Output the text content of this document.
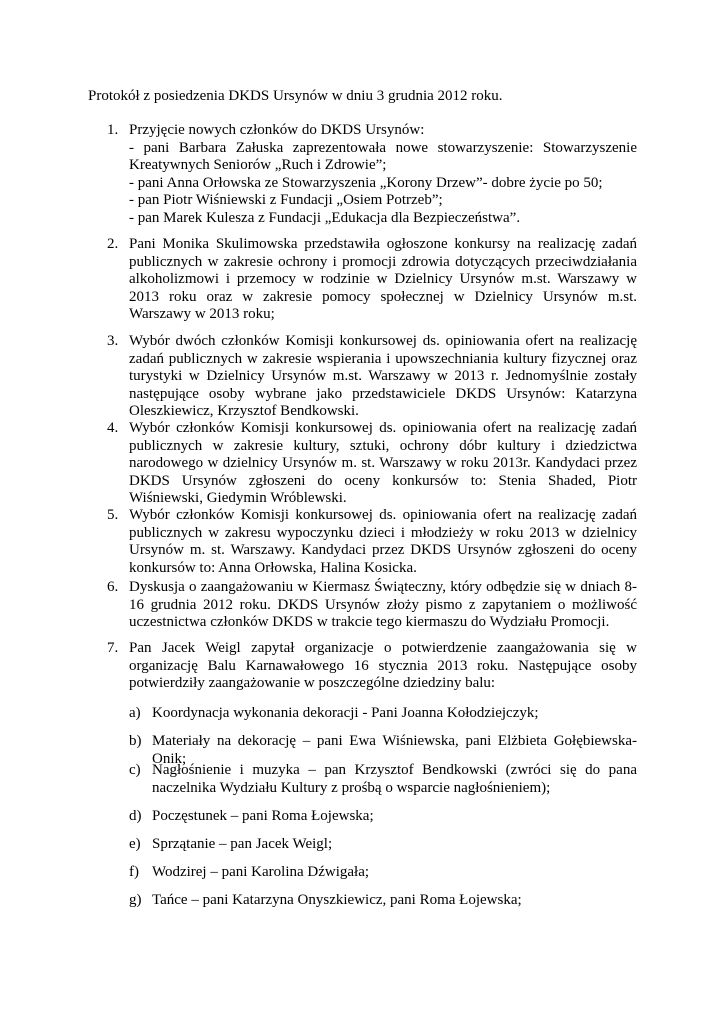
Protokół z posiedzenia DKDS Ursynów w dniu 3 grudnia 2012 roku.
1. Przyjęcie nowych członków do DKDS Ursynów:

- pani Barbara Załuska zaprezentowała nowe stowarzyszenie: Stowarzyszenie Kreatywnych Seniorów „Ruch i Zdrowie”;

- pani Anna Orłowska ze Stowarzyszenia „Korony Drzew”- dobre życie po 50;

- pan Piotr Wiśniewski z Fundacji „Osiem Potrzeb”;

- pan Marek Kulesza z Fundacji „Edukacja dla Bezpieczeństwa”.

2. Pani Monika Skulimowska przedstawiła ogłoszone konkursy na realizację zadań publicznych w zakresie ochrony i promocji zdrowia dotyczących przeciwdziałania alkoholizmowi i przemocy w rodzinie w Dzielnicy Ursynów m.st. Warszawy w 2013 roku oraz w zakresie pomocy społecznej w Dzielnicy Ursynów m.st. Warszawy w 2013 roku;
3. Wybór dwóch członków Komisji konkursowej ds. opiniowania ofert na realizację zadań publicznych w zakresie wspierania i upowszechniania kultury fizycznej oraz turystyki w Dzielnicy Ursynów m.st. Warszawy w 2013 r. Jednomyślnie zostały następujące osoby wybrane jako przedstawiciele DKDS Ursynów: Katarzyna Oleszkiewicz, Krzysztof Bendkowski.
4. Wybór członków Komisji konkursowej ds. opiniowania ofert na realizację zadań publicznych w zakresie kultury, sztuki, ochrony dóbr kultury i dziedzictwa narodowego w dzielnicy Ursynów m. st. Warszawy w roku 2013r. Kandydaci przez DKDS Ursynów zgłoszeni do oceny konkursów to: Stenia Shaded, Piotr Wiśniewski, Giedymin Wróblewski.
5. Wybór członków Komisji konkursowej ds. opiniowania ofert na realizację zadań publicznych w zakresu wypoczynku dzieci i młodzieży w roku 2013 w dzielnicy Ursynów m. st. Warszawy. Kandydaci przez DKDS Ursynów zgłoszeni do oceny konkursów to: Anna Orłowska, Halina Kosicka.
6. Dyskusja o zaangażowaniu w Kiermasz Świąteczny, który odbędzie się w dniach 8-16 grudnia 2012 roku. DKDS Ursynów złoży pismo z zapytaniem o możliwość uczestnictwa członków DKDS w trakcie tego kiermaszu do Wydziału Promocji.
7. Pan Jacek Weigl zapytał organizacje o potwierdzenie zaangażowania się w organizację Balu Karnawałowego 16 stycznia 2013 roku. Następujące osoby potwierdziły zaangażowanie w poszczególne dziedziny balu:
a) Koordynacja wykonania dekoracji - Pani Joanna Kołodziejczyk;
b) Materiały na dekorację – pani Ewa Wiśniewska, pani Elżbieta Gołębiewska-Onik;
c) Nagłośnienie i muzyka – pan Krzysztof Bendkowski (zwróci się do pana naczelnika Wydziału Kultury z prośbą o wsparcie nagłośnieniem);
d) Poczęstunek – pani Roma Łojewska;
e) Sprzątanie – pan Jacek Weigl;
f) Wodzirej – pani Karolina Dźwigała;
g) Tańce – pani Katarzyna Onyszkiewicz, pani Roma Łojewska;
